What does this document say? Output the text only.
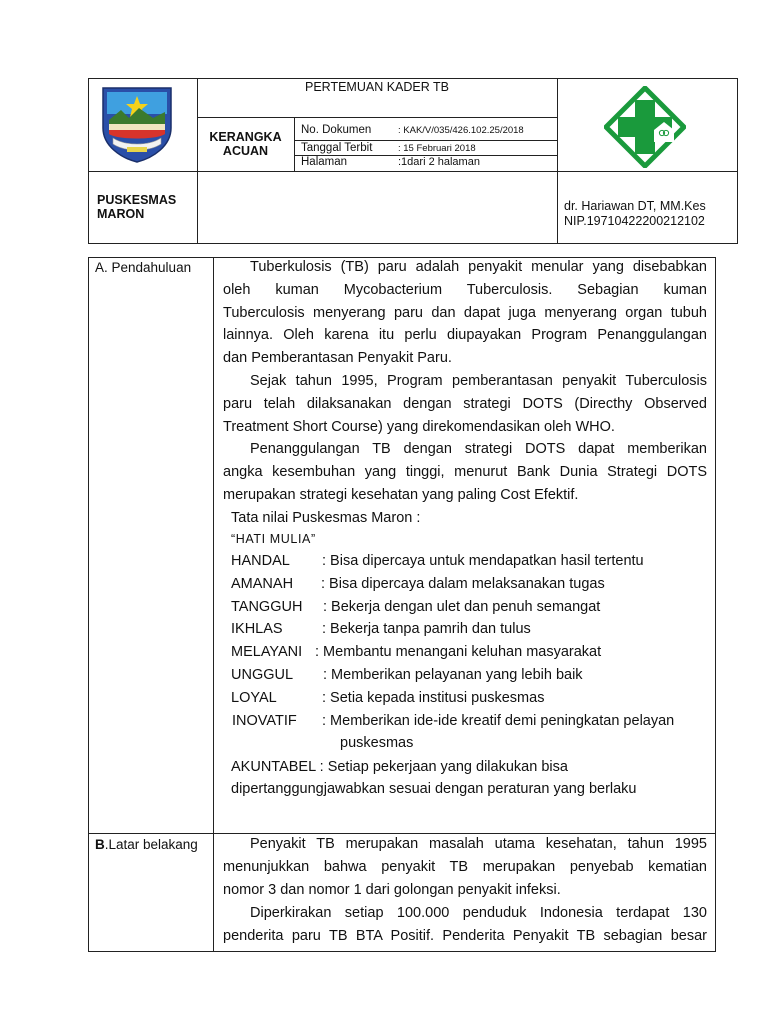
PERTEMUAN KADER TB
KERANGKA
ACUAN
No. Dokumen	: KAK/V/035/426.102.25/2018
Tanggal Terbit	: 15 Februari 2018
Halaman	:1dari 2 halaman
PUSKESMAS
MARON
dr. Hariawan DT, MM.Kes
NIP.19710422200212102
A. Pendahuluan	Tuberkulosis (TB) paru adalah penyakit menular yang disebabkan
oleh kuman Mycobacterium Tuberculosis. Sebagian kuman
Tuberculosis menyerang paru dan dapat juga menyerang organ tubuh
lainnya. Oleh karena itu perlu diupayakan Program Penanggulangan
dan Pemberantasan Penyakit Paru.
Sejak tahun 1995, Program pemberantasan penyakit Tuberculosis
paru telah dilaksanakan dengan strategi DOTS (Directhy Observed
Treatment Short Course) yang direkomendasikan oleh WHO.
Penanggulangan TB dengan strategi DOTS dapat memberikan
angka kesembuhan yang tinggi, menurut Bank Dunia Strategi DOTS
merupakan strategi kesehatan yang paling Cost Efektif.
Tata nilai Puskesmas Maron :
“HATI MULIA”
HANDAL : Bisa dipercaya untuk mendapatkan hasil tertentu
AMANAH : Bisa dipercaya dalam melaksanakan tugas
TANGGUH : Bekerja dengan ulet dan penuh semangat
IKHLAS	: Bekerja tanpa pamrih dan tulus
MELAYANI : Membantu menangani keluhan masyarakat
UNGGUL : Memberikan pelayanan yang lebih baik
LOYAL	: Setia kepada institusi puskesmas
INOVATIF : Memberikan ide-ide kreatif demi peningkatan pelayan
puskesmas
AKUNTABEL : Setiap pekerjaan yang dilakukan bisa
dipertanggungjawabkan sesuai dengan peraturan yang berlaku
B.Latar belakang	Penyakit TB merupakan masalah utama kesehatan, tahun 1995
menunjukkan bahwa penyakit TB merupakan penyebab kematian
nomor 3 dan nomor 1 dari golongan penyakit infeksi.
Diperkirakan setiap 100.000 penduduk Indonesia terdapat 130
penderita paru TB BTA Positif. Penderita Penyakit TB sebagian besar
